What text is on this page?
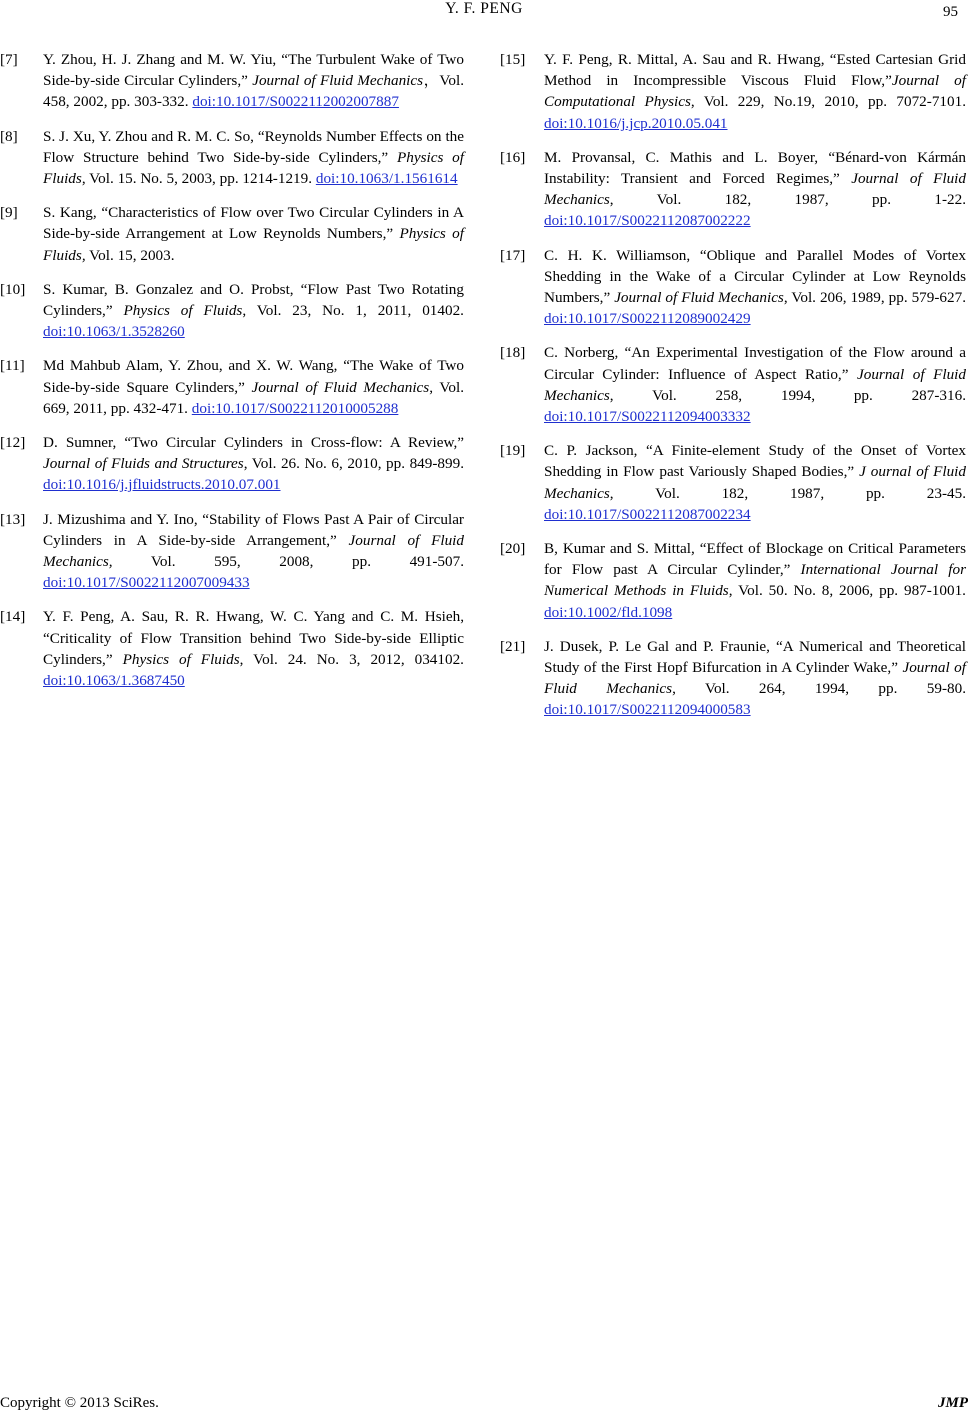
Y. F. PENG	95
[7] Y. Zhou, H. J. Zhang and M. W. Yiu, “The Turbulent Wake of Two Side-by-side Circular Cylinders,” Journal of Fluid Mechanics，Vol. 458, 2002, pp. 303-332. doi:10.1017/S0022112002007887
[8] S. J. Xu, Y. Zhou and R. M. C. So, “Reynolds Number Effects on the Flow Structure behind Two Side-by-side Cylinders,” Physics of Fluids, Vol. 15. No. 5, 2003, pp. 1214-1219. doi:10.1063/1.1561614
[9] S. Kang, “Characteristics of Flow over Two Circular Cylinders in A Side-by-side Arrangement at Low Reynolds Numbers,” Physics of Fluids, Vol. 15, 2003.
[10] S. Kumar, B. Gonzalez and O. Probst, “Flow Past Two Rotating Cylinders,” Physics of Fluids, Vol. 23, No. 1, 2011, 01402. doi:10.1063/1.3528260
[11] Md Mahbub Alam, Y. Zhou, and X. W. Wang, “The Wake of Two Side-by-side Square Cylinders,” Journal of Fluid Mechanics, Vol. 669, 2011, pp. 432-471. doi:10.1017/S0022112010005288
[12] D. Sumner, “Two Circular Cylinders in Cross-flow: A Review,” Journal of Fluids and Structures, Vol. 26. No. 6, 2010, pp. 849-899. doi:10.1016/j.jfluidstructs.2010.07.001
[13] J. Mizushima and Y. Ino, “Stability of Flows Past A Pair of Circular Cylinders in A Side-by-side Arrangement,” Journal of Fluid Mechanics, Vol. 595, 2008, pp. 491-507. doi:10.1017/S0022112007009433
[14] Y. F. Peng, A. Sau, R. R. Hwang, W. C. Yang and C. M. Hsieh, “Criticality of Flow Transition behind Two Side-by-side Elliptic Cylinders,” Physics of Fluids, Vol. 24. No. 3, 2012, 034102. doi:10.1063/1.3687450
[15] Y. F. Peng, R. Mittal, A. Sau and R. Hwang, “Ested Cartesian Grid Method in Incompressible Viscous Fluid Flow,”Journal of Computational Physics, Vol. 229, No.19, 2010, pp. 7072-7101. doi:10.1016/j.jcp.2010.05.041
[16] M. Provansal, C. Mathis and L. Boyer, “Bénard-von Kármán Instability: Transient and Forced Regimes,” Journal of Fluid Mechanics, Vol. 182, 1987, pp. 1-22. doi:10.1017/S0022112087002222
[17] C. H. K. Williamson, “Oblique and Parallel Modes of Vortex Shedding in the Wake of a Circular Cylinder at Low Reynolds Numbers,” Journal of Fluid Mechanics, Vol. 206, 1989, pp. 579-627. doi:10.1017/S0022112089002429
[18] C. Norberg, “An Experimental Investigation of the Flow around a Circular Cylinder: Influence of Aspect Ratio,” Journal of Fluid Mechanics, Vol. 258, 1994, pp. 287-316. doi:10.1017/S0022112094003332
[19] C. P. Jackson, “A Finite-element Study of the Onset of Vortex Shedding in Flow past Variously Shaped Bodies,” J ournal of Fluid Mechanics, Vol. 182, 1987, pp. 23-45. doi:10.1017/S0022112087002234
[20] B, Kumar and S. Mittal, “Effect of Blockage on Critical Parameters for Flow past A Circular Cylinder,” International Journal for Numerical Methods in Fluids, Vol. 50. No. 8, 2006, pp. 987-1001. doi:10.1002/fld.1098
[21] J. Dusek, P. Le Gal and P. Fraunie, “A Numerical and Theoretical Study of the First Hopf Bifurcation in A Cylinder Wake,” Journal of Fluid Mechanics, Vol. 264, 1994, pp. 59-80. doi:10.1017/S0022112094000583
Copyright © 2013 SciRes.	JMP
